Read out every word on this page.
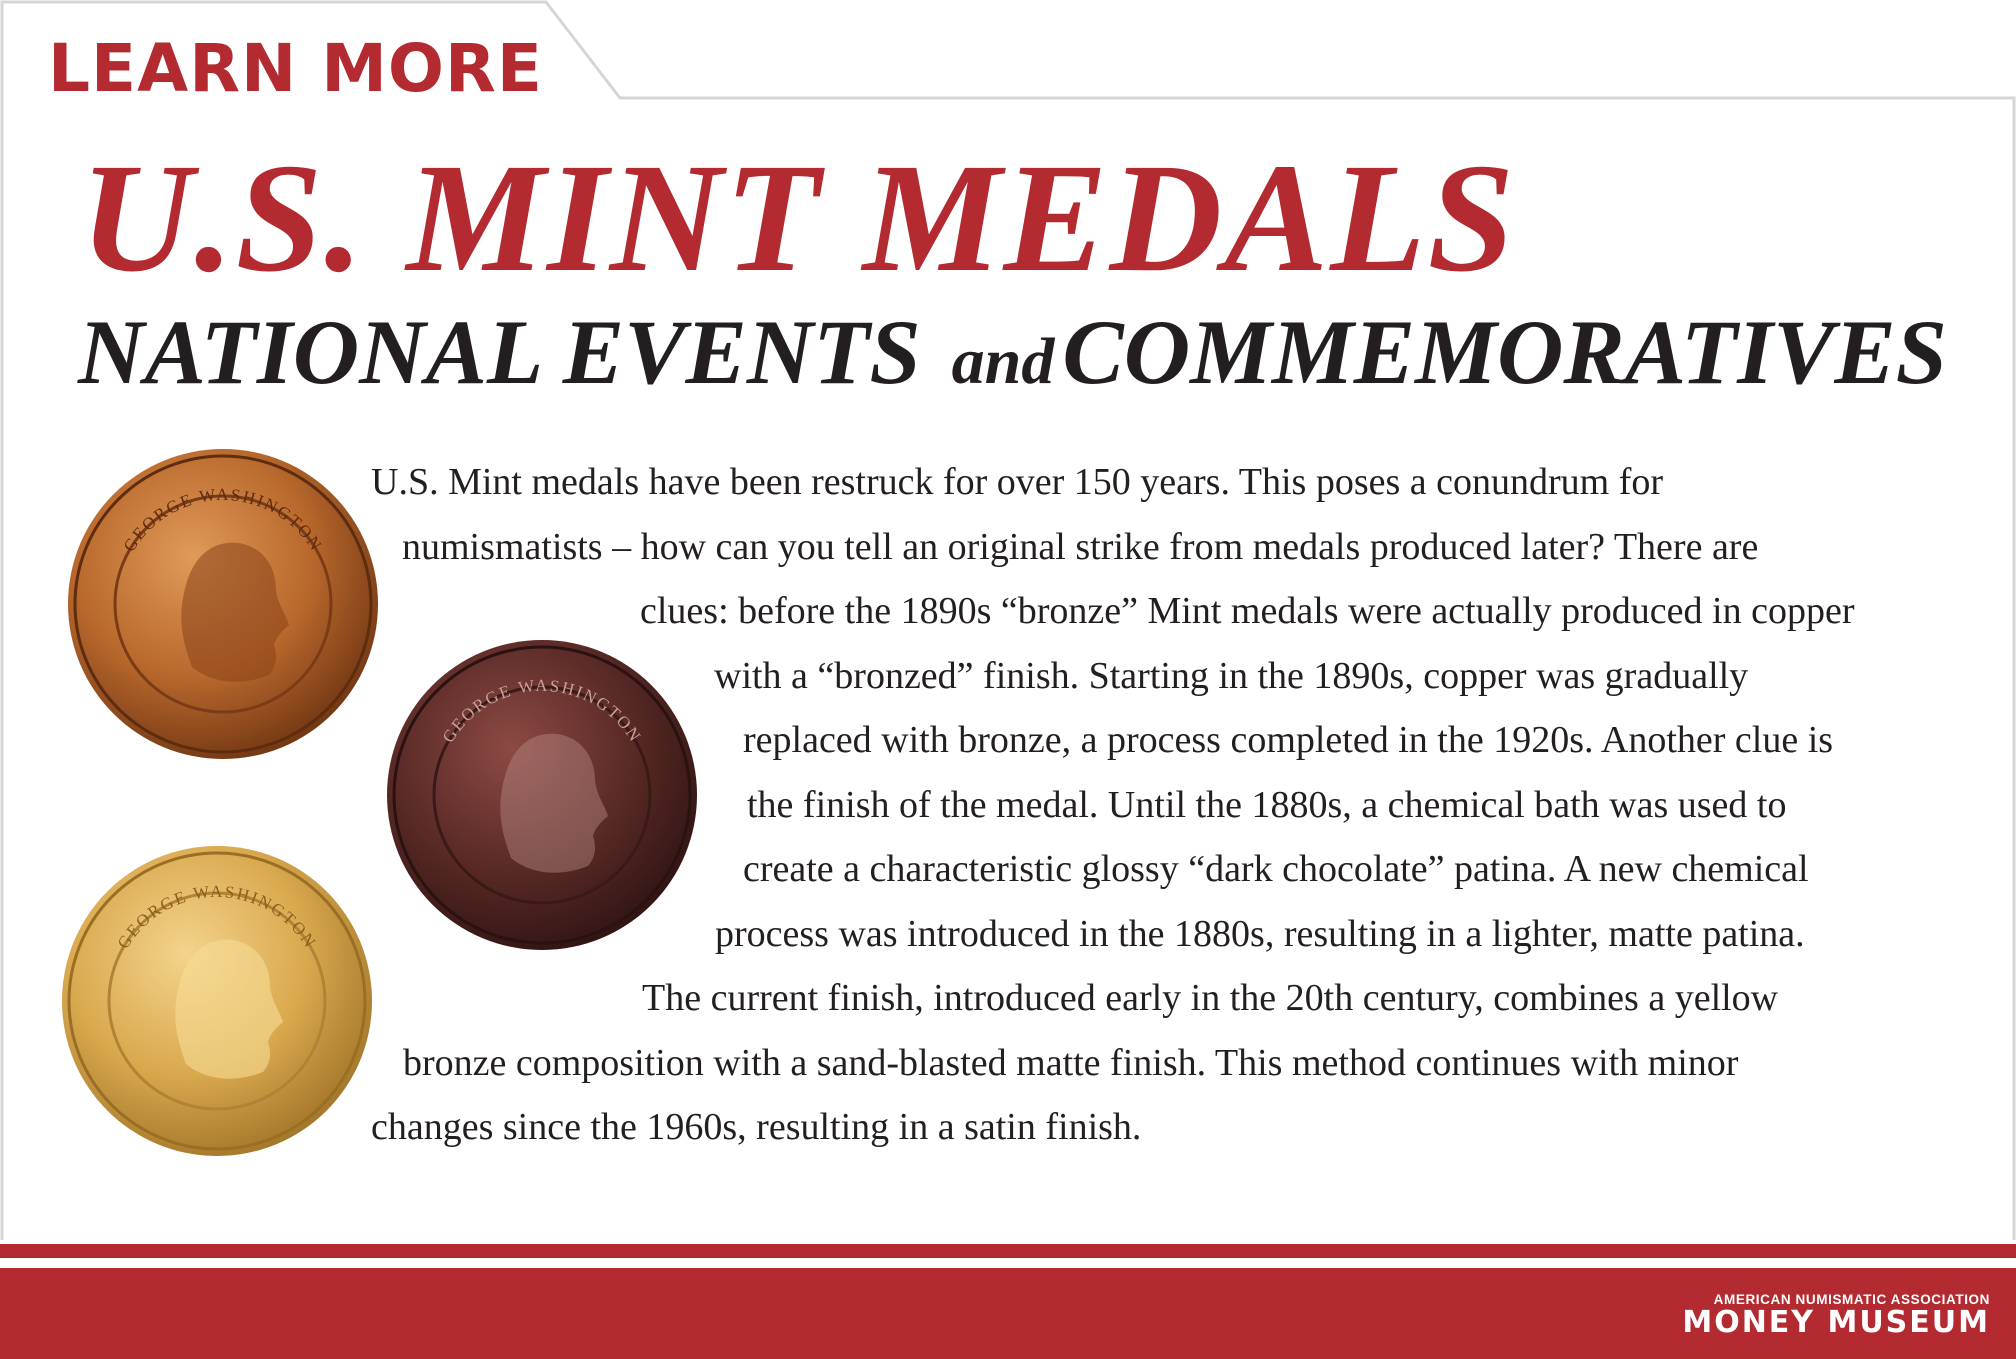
LEARN MORE
U.S. MINT MEDALS
NATIONAL EVENTS andCOMMEMORATIVES
GEORGE WASHINGTON
GEORGE WASHINGTON
GEORGE WASHINGTON
U.S. Mint medals have been restruck for over 150 years. This poses a conundrum for
numismatists – how can you tell an original strike from medals produced later? There are
clues: before the 1890s “bronze” Mint medals were actually produced in copper
with a “bronzed” finish. Starting in the 1890s, copper was gradually
replaced with bronze, a process completed in the 1920s. Another clue is
the finish of the medal. Until the 1880s, a chemical bath was used to
create a characteristic glossy “dark chocolate” patina. A new chemical
process was introduced in the 1880s, resulting in a lighter, matte patina.
The current finish, introduced early in the 20th century, combines a yellow
bronze composition with a sand-blasted matte finish. This method continues with minor
changes since the 1960s, resulting in a satin finish.
AMERICAN NUMISMATIC ASSOCIATION
MONEY MUSEUM
